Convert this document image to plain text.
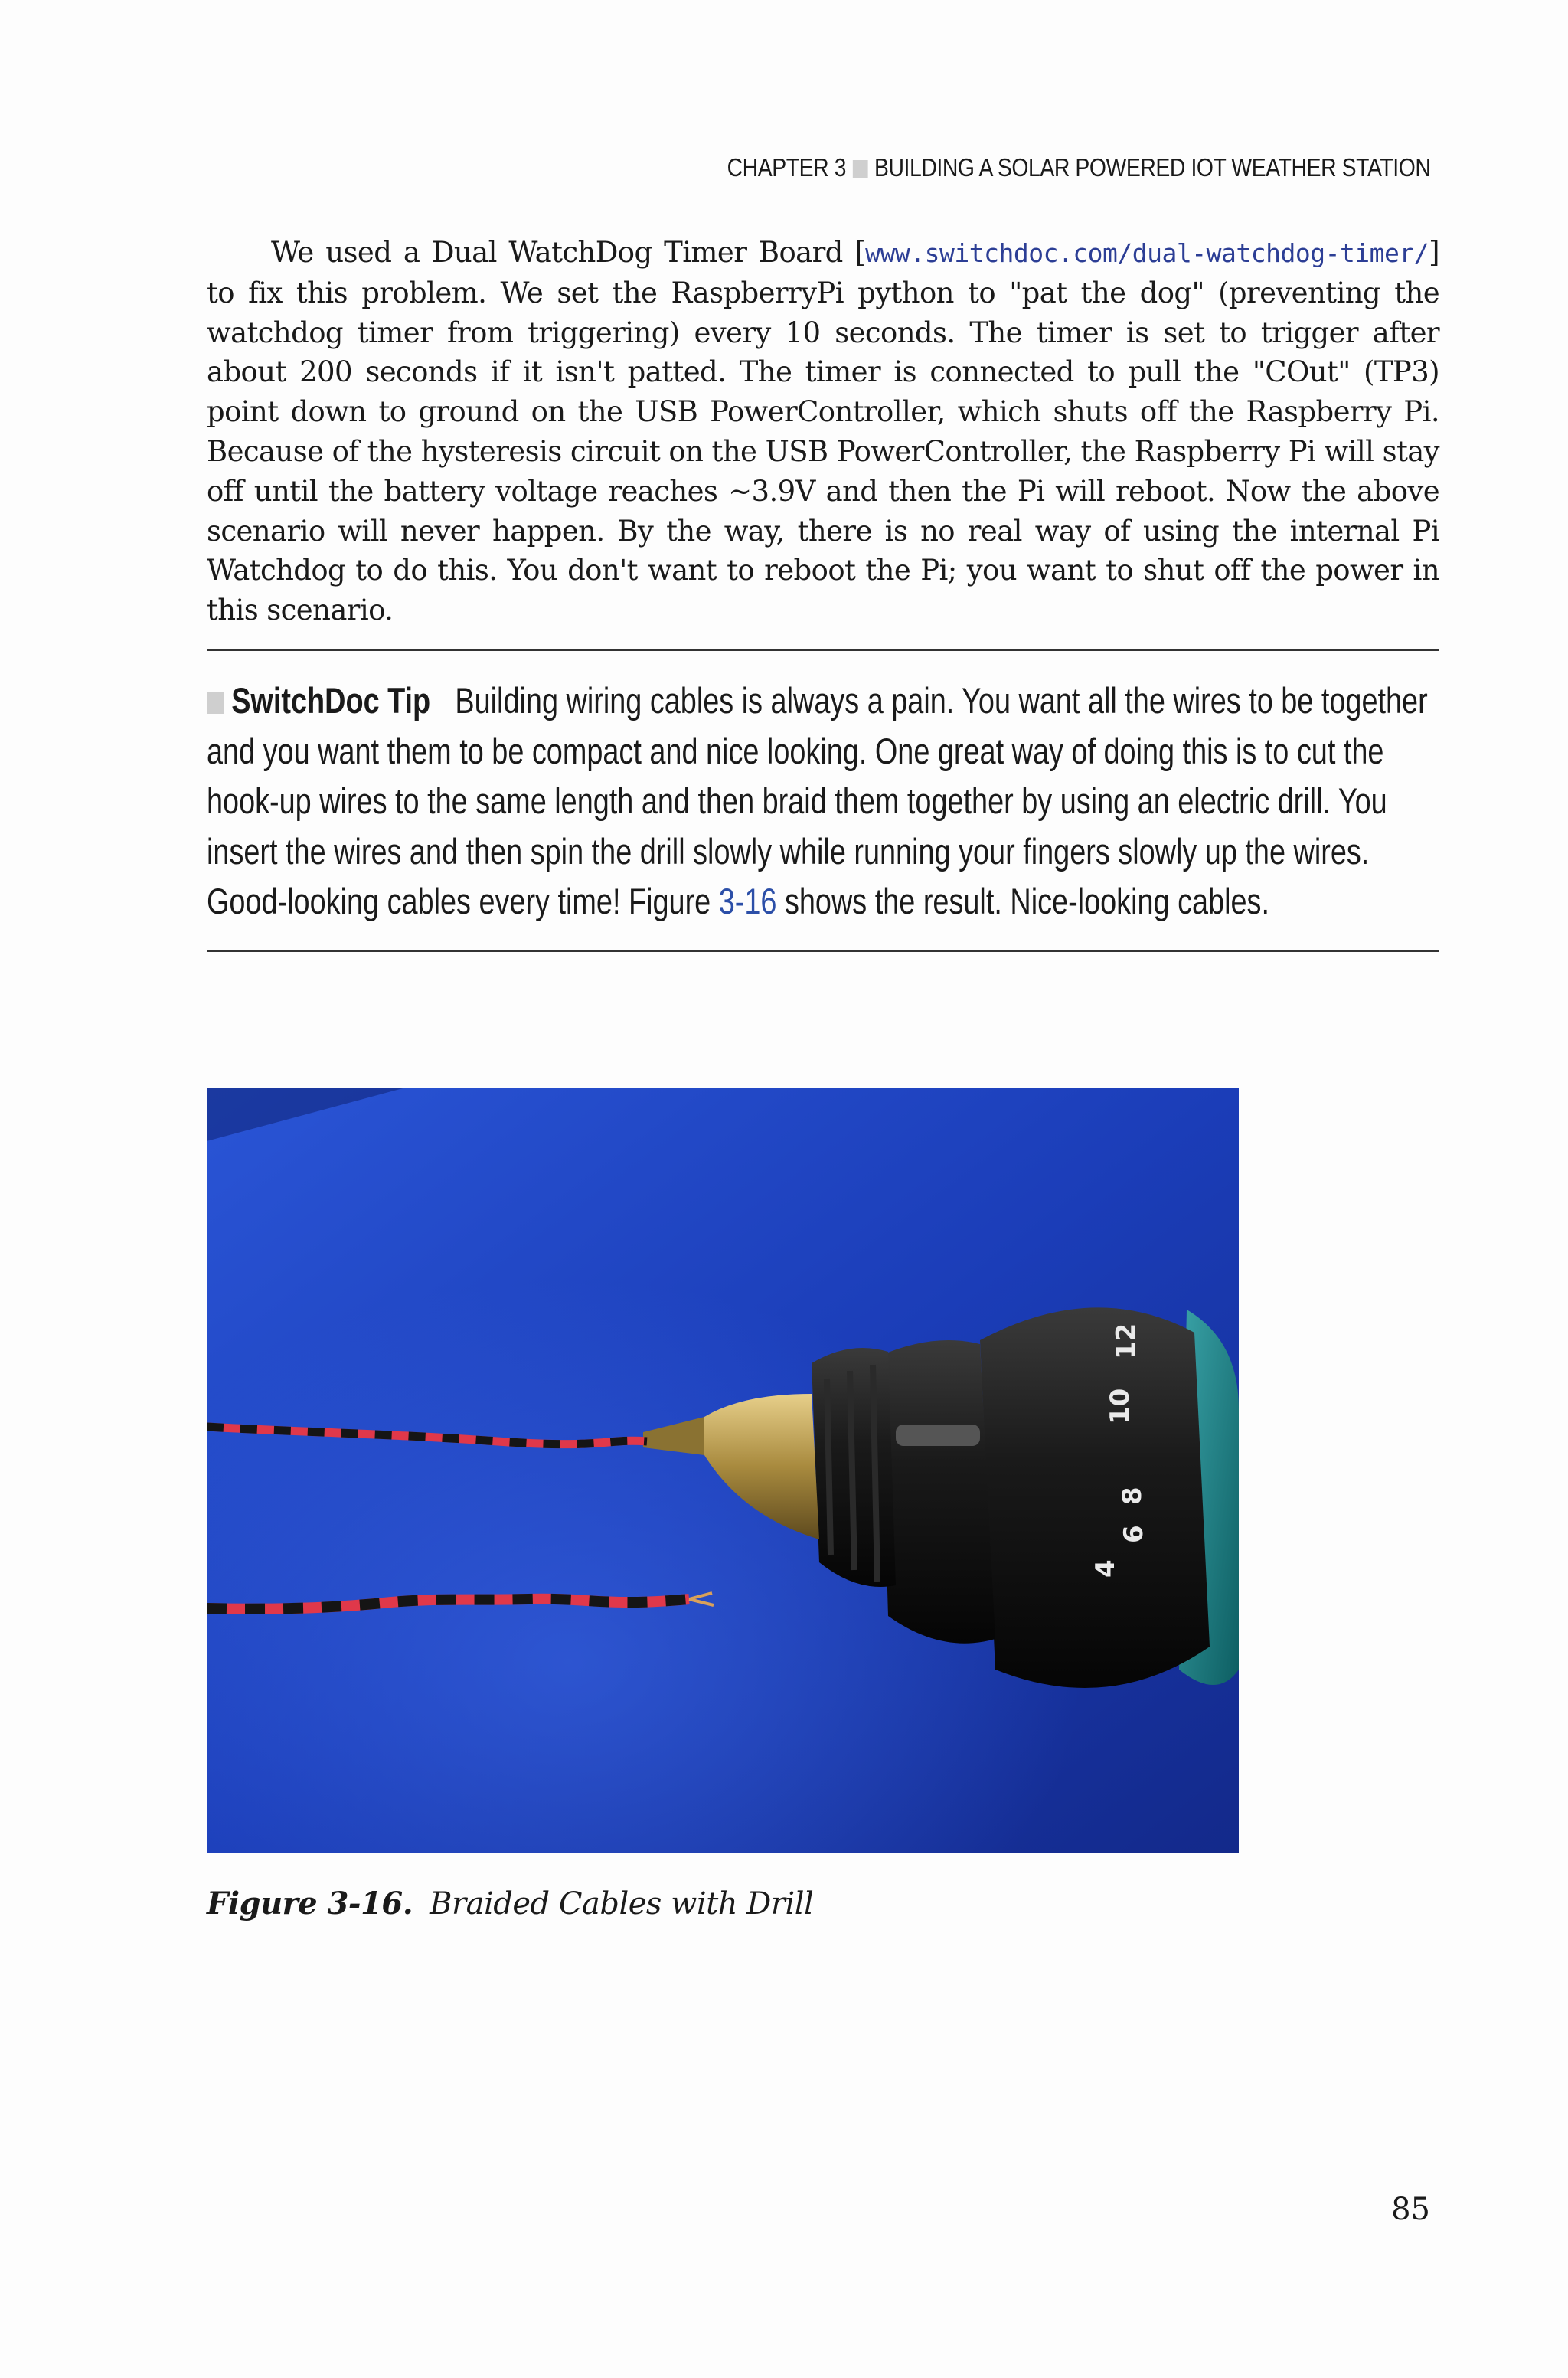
CHAPTER 3 BUILDING A SOLAR POWERED IOT WEATHER STATION

We used a Dual WatchDog Timer Board [www.switchdoc.com/dual-watchdog-timer/] to fix this problem. We set the RaspberryPi python to "pat the dog" (preventing the watchdog timer from triggering) every 10 seconds. The timer is set to trigger after about 200 seconds if it isn't patted. The timer is connected to pull the "COut" (TP3) point down to ground on the USB PowerController, which shuts off the Raspberry Pi. Because of the hysteresis circuit on the USB PowerController, the Raspberry Pi will stay off until the battery voltage reaches ~3.9V and then the Pi will reboot. Now the above scenario will never happen. By the way, there is no real way of using the internal Pi Watchdog to do this. You don't want to reboot the Pi; you want to shut off the power in this scenario.

SwitchDoc Tip Building wiring cables is always a pain. You want all the wires to be together and you want them to be compact and nice looking. One great way of doing this is to cut the hook-up wires to the same length and then braid them together by using an electric drill. You insert the wires and then spin the drill slowly while running your fingers slowly up the wires. Good-looking cables every time! Figure 3-16 shows the result. Nice-looking cables.

12
10
8
6
4

Figure 3-16. Braided Cables with Drill

85
